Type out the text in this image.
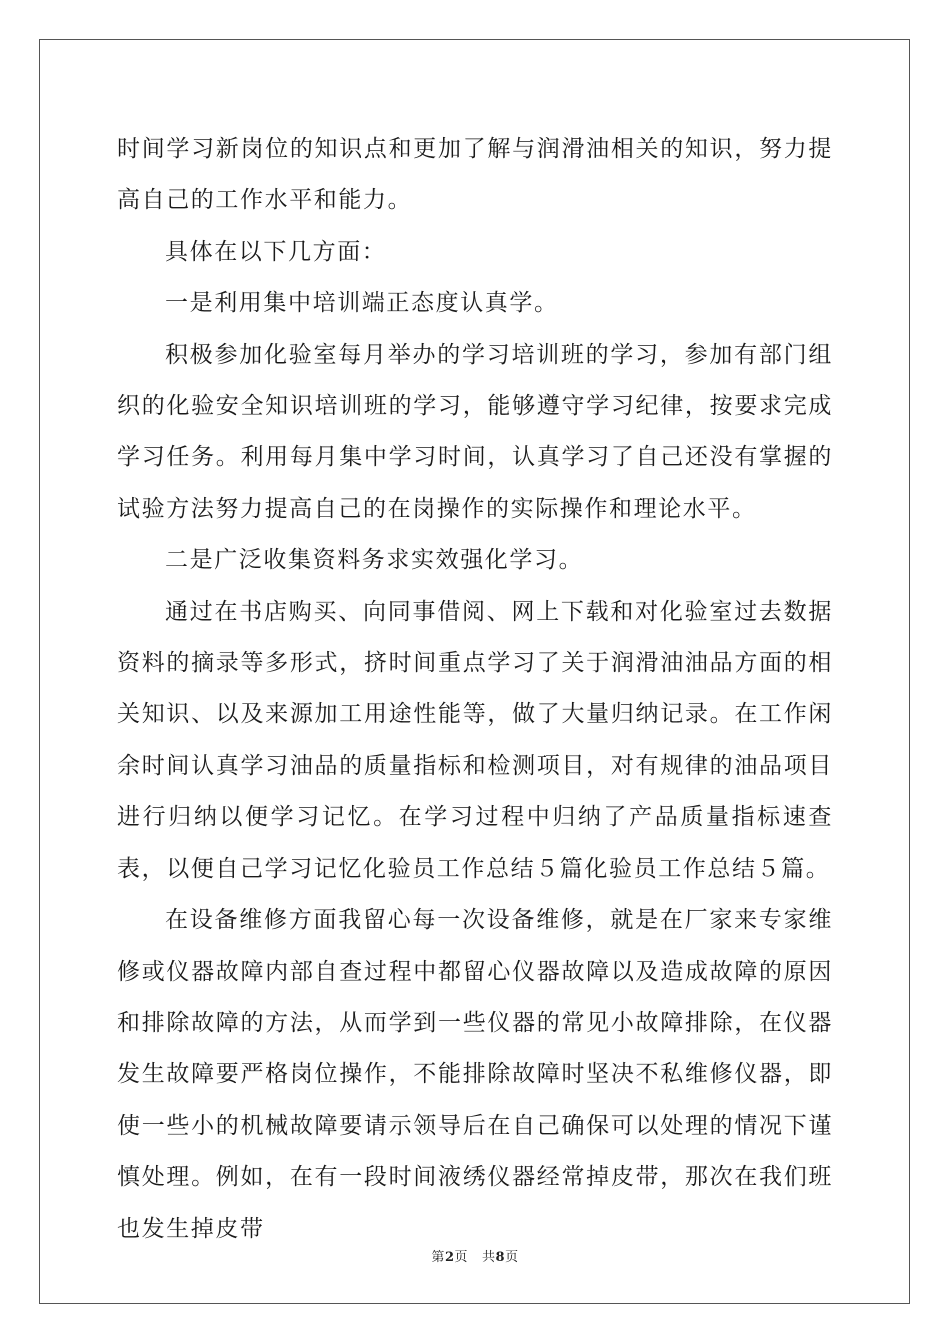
时间学习新岗位的知识点和更加了解与润滑油相关的知识，努力提高自己的工作水平和能力。

具体在以下几方面：

一是利用集中培训端正态度认真学。

积极参加化验室每月举办的学习培训班的学习，参加有部门组织的化验安全知识培训班的学习，能够遵守学习纪律，按要求完成学习任务。利用每月集中学习时间，认真学习了自己还没有掌握的试验方法努力提高自己的在岗操作的实际操作和理论水平。

二是广泛收集资料务求实效强化学习。

通过在书店购买、向同事借阅、网上下载和对化验室过去数据资料的摘录等多形式，挤时间重点学习了关于润滑油油品方面的相关知识、以及来源加工用途性能等，做了大量归纳记录。在工作闲余时间认真学习油品的质量指标和检测项目，对有规律的油品项目进行归纳以便学习记忆。在学习过程中归纳了产品质量指标速查表，以便自己学习记忆化验员工作总结５篇化验员工作总结５篇。

在设备维修方面我留心每一次设备维修，就是在厂家来专家维修或仪器故障内部自查过程中都留心仪器故障以及造成故障的原因和排除故障的方法，从而学到一些仪器的常见小故障排除，在仪器发生故障要严格岗位操作，不能排除故障时坚决不私维修仪器，即使一些小的机械故障要请示领导后在自己确保可以处理的情况下谨慎处理。例如，在有一段时间液绣仪器经常掉皮带，那次在我们班也发生掉皮带

第2页 共8页
